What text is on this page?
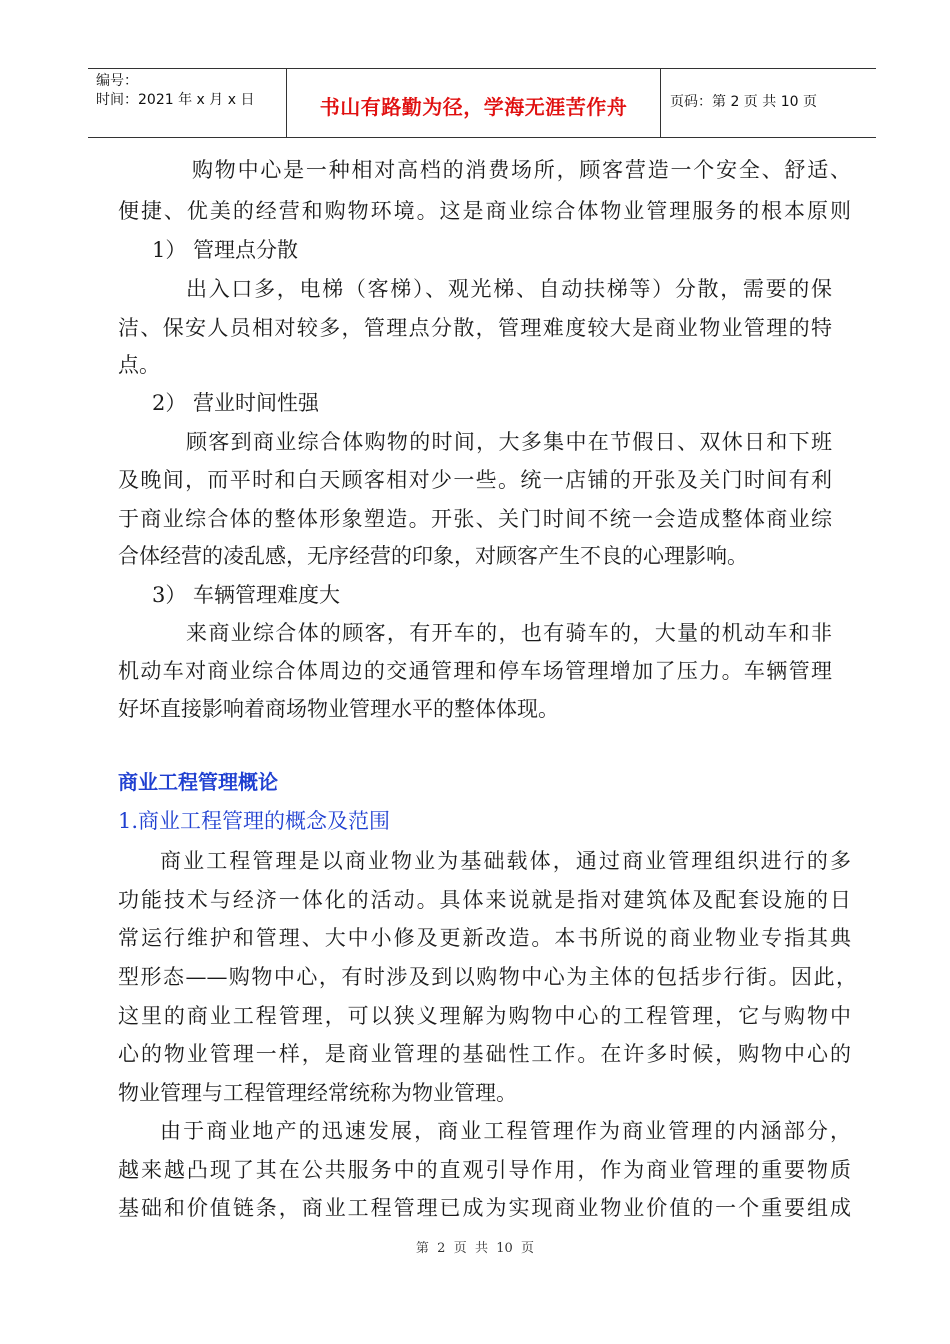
编号：
时间：2021 年 x 月 x 日	书山有路勤为径，学海无涯苦作舟	页码：第 2 页 共 10 页
购物中心是一种相对高档的消费场所，顾客营造一个安全、舒适、
便捷、优美的经营和购物环境。这是商业综合体物业管理服务的根本原则
1） 管理点分散
出入口多，电梯（客梯）、观光梯、自动扶梯等）分散，需要的保
洁、保安人员相对较多，管理点分散，管理难度较大是商业物业管理的特
点。
2） 营业时间性强
顾客到商业综合体购物的时间，大多集中在节假日、双休日和下班
及晚间，而平时和白天顾客相对少一些。统一店铺的开张及关门时间有利
于商业综合体的整体形象塑造。开张、关门时间不统一会造成整体商业综
合体经营的凌乱感，无序经营的印象，对顾客产生不良的心理影响。
3） 车辆管理难度大
来商业综合体的顾客，有开车的，也有骑车的，大量的机动车和非
机动车对商业综合体周边的交通管理和停车场管理增加了压力。车辆管理
好坏直接影响着商场物业管理水平的整体体现。
商业工程管理概论
1.商业工程管理的概念及范围
商业工程管理是以商业物业为基础载体，通过商业管理组织进行的多
功能技术与经济一体化的活动。具体来说就是指对建筑体及配套设施的日
常运行维护和管理、大中小修及更新改造。本书所说的商业物业专指其典
型形态——购物中心，有时涉及到以购物中心为主体的包括步行街。因此，
这里的商业工程管理，可以狭义理解为购物中心的工程管理，它与购物中
心的物业管理一样，是商业管理的基础性工作。在许多时候，购物中心的
物业管理与工程管理经常统称为物业管理。
由于商业地产的迅速发展，商业工程管理作为商业管理的内涵部分，
越来越凸现了其在公共服务中的直观引导作用，作为商业管理的重要物质
基础和价值链条，商业工程管理已成为实现商业物业价值的一个重要组成
第  2  页  共  10  页
